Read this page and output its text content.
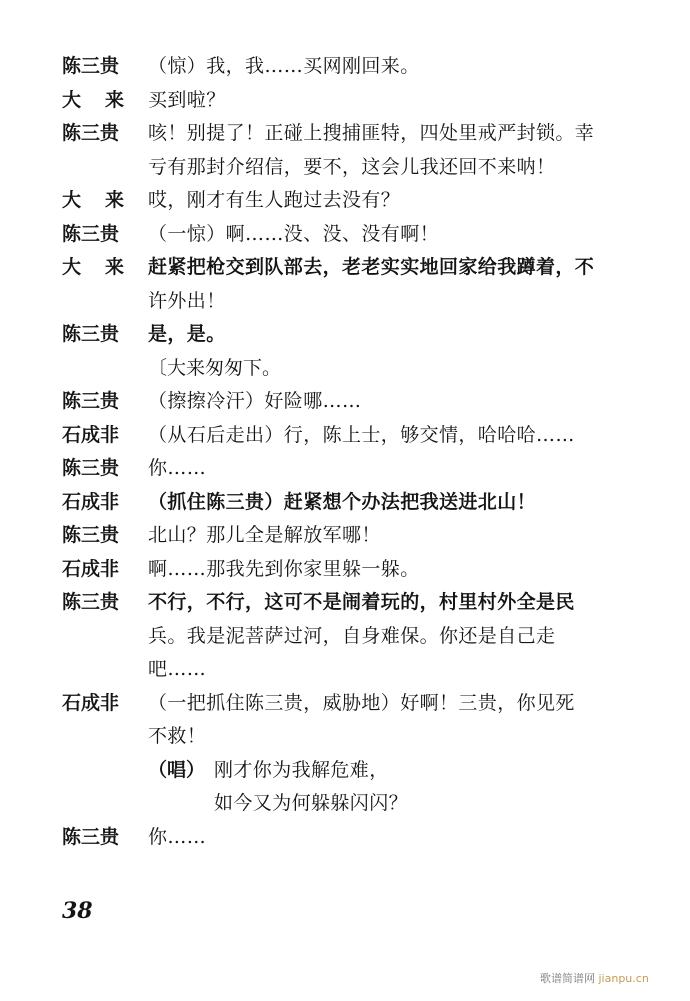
陈三贵	（惊）我，我……买网刚回来。
大来 买到啦？
陈三贵	咳！别提了！正碰上搜捕匪特，四处里戒严封锁。幸
亏有那封介绍信，要不，这会儿我还回不来呐！
大来 哎，刚才有生人跑过去没有？
陈三贵	（一惊）啊……没、没、没有啊！
大来 赶紧把枪交到队部去，老老实实地回家给我蹲着，不
许外出！
陈三贵	是，是。
〔大来匆匆下。
陈三贵	（擦擦冷汗）好险哪……
石成非	（从石后走出）行，陈上士，够交情，哈哈哈……
陈三贵	你……
石成非	（抓住陈三贵）赶紧想个办法把我送进北山！
陈三贵	北山？那儿全是解放军哪！
石成非	啊……那我先到你家里躲一躲。
陈三贵	不行，不行，这可不是闹着玩的，村里村外全是民
兵。我是泥菩萨过河，自身难保。你还是自己走
吧……
石成非	（一把抓住陈三贵，威胁地）好啊！三贵，你见死
不救！
（唱） 刚才你为我解危难，
如今又为何躲躲闪闪？
陈三贵	你……
38
歌谱简谱网 jianpu.cn
